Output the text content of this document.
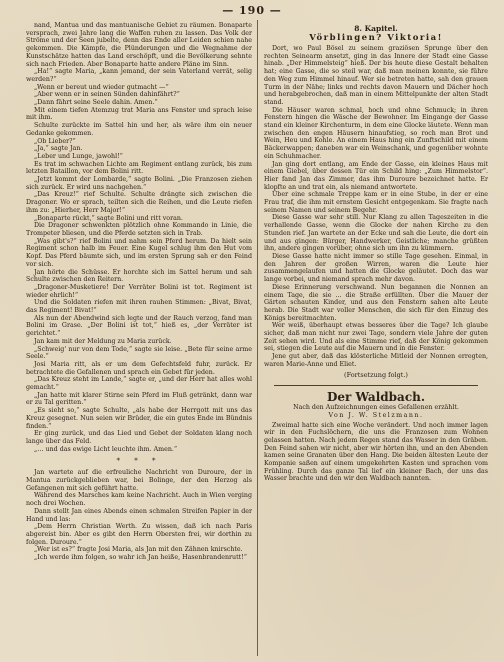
— 190 —

nand, Mantua und das mantuanische Gebiet zu räumen. Bonaparte versprach, zwei Jahre lang die Waffen ruhen zu lassen. Das Volk der Ströme und der Seen jubelte, denn das Ende aller Leiden schien nahe gekommen. Die Kämpfe, die Plünderungen und die Wegnahme der Kunstschätze hatten das Land erschöpft, und die Bevölkerung sehnte sich nach Frieden. Aber Bonaparte hatte andere Pläne im Sinn.

„Ha!“ sagte Maria, „kann jemand, der sein Vaterland verrät, selig werden?“

„Wenn er bereut und wieder gutmacht —“

„Aber wenn er in seinen Sünden dahinfährt?“

„Dann fährt seine Seele dahin. Amen.“

Mit einem tiefen Atemzug trat Maria ans Fenster und sprach leise mit ihm.

Schulte zurückte im Sattel hin und her, als wäre ihm ein neuer Gedanke gekommen.

„Ob Lieber?“

„Ja,“ sagte Jan.

„Leber und Lunge, jawohl!“

Es trat im schwachen Lichte am Regiment entlang zurück, bis zum letzten Bataillon, vor dem Bolini ritt.

„Jetzt kommt der Lombarde,“ sagte Bolini. „Die Franzosen ziehen sich zurück. Er wird uns nachgehen.“

„Das Kreuz!“ rief Schulte. Schulte drängte sich zwischen die Dragoner. Wo er sprach, teilten sich die Reihen, und die Leute riefen ihm zu: „Hierher, Herr Major!“

„Bonaparte rückt,“ sagte Bolini und ritt voran.

Die Dragoner schwenkten plötzlich ohne Kommando in Linie, die Trompeter bliesen, und die Pferde setzten sich in Trab.

„Was gibt's?“ rief Bolini und nahm sein Pferd herum. Da hielt sein Regiment schon halb im Feuer. Eine Kugel schlug ihm den Hut vom Kopf. Das Pferd bäumte sich, und im ersten Sprung sah er den Feind vor sich.

Jan hörte die Schüsse. Er horchte sich im Sattel herum und sah Schulte zwischen den Reitern.

„Dragoner-Musketiere! Der Verräter Bolini ist tot. Regiment ist wieder ehrlich!“

Und die Soldaten riefen mit ihren rauhen Stimmen: „Bivat, Bivat, das Regiment! Bivat!“

Als nun der Abendwind sich legte und der Rauch verzog, fand man Bolini im Grase. „Der Bolini ist tot,“ hieß es, „der Verräter ist gerichtet.“

Jan kam mit der Meldung zu Maria zurück.

„Schweig' nur von dem Tode,“ sagte sie leise. „Bete für seine arme Seele.“

Josi Maria ritt, als er um dem Gefechtsfeld fuhr, zurück. Er betrachtete die Gefallenen und sprach ein Gebet für jeden.

„Das Kreuz steht im Lande,“ sagte er, „und der Herr hat alles wohl gemacht.“

„Jan hatte mit klarer Stirne sein Pferd im Fluß getränkt, dann war er zu Tal geritten.“

„Es sieht so,“ sagte Schulte, „als habe der Herrgott mit uns das Kreuz gesegnet. Nun seien wir Brüder, die ein gutes Ende im Bündnis finden.“

Er ging zurück, und das Lied und Gebet der Soldaten klang noch lange über das Feld.

„… und das ewige Licht leuchte ihm. Amen.“

* * *

Jan wartete auf die erfreuliche Nachricht von Duroure, der in Mantua zurückgeblieben war, bei Bolinge, der den Herzog als Gefangenen mit sich geführt hatte.

Während des Marsches kam keine Nachricht. Auch in Wien verging noch drei Wochen.

Dann stellt Jan eines Abends einen schmalen Streifen Papier in der Hand und las:

„Dem Herrn Christian Werth. Zu wissen, daß ich nach Paris abgereist bin. Aber es gibt den Herrn Obersten frei, wir dorthin zu folgen. Duroure.“

„Wer ist es?“ fragte Josi Maria, als Jan mit den Zähnen knirschte.

„Ich werde ihm folgen, so wahr ich Jan heiße, Hasenbrandenrutt!“

8. Kapitel.
Vörblingen? Viktoria!

Dort, wo Paul Bösel zu seinem graziösen Sprunge über den rechten Seinearm ansetzt, ging in das Innere der Stadt eine Gasse hinab. „Der Himmelsteig“ hieß. Der bis heute diese Gestalt behalten hat; eine Gasse, die so steil war, daß man meinen konnte, sie führe den Weg zum Himmel hinauf. Wer sie betreten hatte, sah den grauen Turm in der Nähe; links und rechts davon Mauern und Dächer hoch und herabgebrochen, daß man in einem Mittelpunkte der alten Stadt stand.

Die Häuser waren schmal, hoch und ohne Schmuck; in ihren Fenstern hingen die Wäsche der Bewohner. Im Eingange der Gasse stand ein kleiner Kirchenturm, in dem eine Glocke läutete. Wenn man zwischen den engen Häusern hinaufstieg, so roch man Brot und Wein, Heu und Kohle. An einem Haus hing ein Zunftschild mit einem Bäckerwappen; daneben war ein Weinschank, und gegenüber wohnte ein Schuhmacher.

Jan ging dort entlang, am Ende der Gasse, ein kleines Haus mit einem Giebel, über dessen Tür ein Schild hing: „Zum Himmelstor“. Hier fand Jan das Zimmer, das ihm Duroure bezeichnet hatte. Er klopfte an und trat ein, als niemand antwortete.

Über eine schmale Treppe kam er in eine Stube, in der er eine Frau traf, die ihm mit ernstem Gesicht entgegenkam. Sie fragte nach seinem Namen und seinem Begehr.

Diese Gasse war sehr still. Nur Klang zu allen Tageszeiten in die verhallende Gasse, wenn die Glocke der nahen Kirche zu den Stunden rief. Jan wartete an der Ecke und sah die Leute, die dort ein und aus gingen: Bürger, Handwerker, Geistliche; manche grüßten ihn, andere gingen vorüber, ohne sich um ihn zu kümmern.

Diese Gasse hatte nicht immer so stille Tage gesehen. Einmal, in den Jahren der großen Wirren, waren die Leute hier zusammengelaufen und hatten die Glocke geläutet. Doch das war lange vorbei, und niemand sprach mehr davon.

Diese Erinnerung verschwand. Nun begannen die Nonnen an einem Tage, die sie ... die Straße erfüllten. Über die Mauer der Gärten schauten Kinder, und aus den Fenstern sahen alte Leute herab. Die Stadt war voller Menschen, die sich für den Einzug des Königs bereitmachten.

Wer weiß, überhaupt etwas besseres über die Tage? Ich glaube sicher, daß man nicht nur zwei Tage, sondern viele Jahre der guten Zeit sehen wird. Und als eine Stimme rief, daß der König gekommen sei, stiegen die Leute auf die Mauern und in die Fenster.

Jene gut aber, daß das klösterliche Mitleid der Nonnen erregten, waren Marie-Anne und Eliet.

(Fortsetzung folgt.)
Der Waldbach.
Nach den Aufzeichnungen eines Gefallenen erzählt.
Von J. W. Stelzmann.

Zweimal hatte sich eine Woche verändert. Und noch immer lagen wir in den Fuchslöchern, die uns die Franzosen zum Wohnen gelassen hatten. Nach jedem Regen stand das Wasser in den Gräben. Den Feind sahen wir nicht, aber wir hörten ihn, und an den Abenden kamen seine Granaten über den Hang. Die beiden ältesten Leute der Kompanie saßen auf einem umgekehrten Kasten und sprachen vom Frühling. Durch das ganze Tal lief ein kleiner Bach, der uns das Wasser brachte und den wir den Waldbach nannten.
